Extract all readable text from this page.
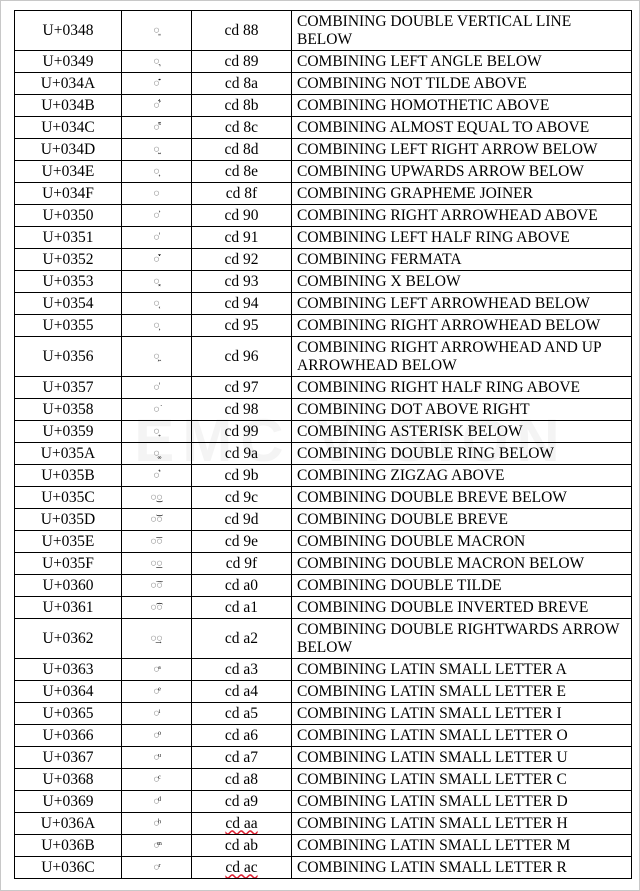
U+0348	◌͈	cd 88	COMBINING DOUBLE VERTICAL LINE BELOW
U+0349	◌͉	cd 89	COMBINING LEFT ANGLE BELOW
U+034A	◌͊	cd 8a	COMBINING NOT TILDE ABOVE
U+034B	◌͋	cd 8b	COMBINING HOMOTHETIC ABOVE
U+034C	◌͌	cd 8c	COMBINING ALMOST EQUAL TO ABOVE
U+034D	◌͍	cd 8d	COMBINING LEFT RIGHT ARROW BELOW
U+034E	◌͎	cd 8e	COMBINING UPWARDS ARROW BELOW
U+034F	◌	cd 8f	COMBINING GRAPHEME JOINER
U+0350	◌͐	cd 90	COMBINING RIGHT ARROWHEAD ABOVE
U+0351	◌͑	cd 91	COMBINING LEFT HALF RING ABOVE
U+0352	◌͒	cd 92	COMBINING FERMATA
U+0353	◌͓	cd 93	COMBINING X BELOW
U+0354	◌͔	cd 94	COMBINING LEFT ARROWHEAD BELOW
U+0355	◌͕	cd 95	COMBINING RIGHT ARROWHEAD BELOW
U+0356	◌͖	cd 96	COMBINING RIGHT ARROWHEAD AND UP ARROWHEAD BELOW
U+0357	◌͗	cd 97	COMBINING RIGHT HALF RING ABOVE
U+0358	◌͘	cd 98	COMBINING DOT ABOVE RIGHT
U+0359	◌͙	cd 99	COMBINING ASTERISK BELOW
U+035A	◌͚	cd 9a	COMBINING DOUBLE RING BELOW
U+035B	◌͛	cd 9b	COMBINING ZIGZAG ABOVE
U+035C	◌͜◌	cd 9c	COMBINING DOUBLE BREVE BELOW
U+035D	◌͝◌	cd 9d	COMBINING DOUBLE BREVE
U+035E	◌͞◌	cd 9e	COMBINING DOUBLE MACRON
U+035F	◌͟◌	cd 9f	COMBINING DOUBLE MACRON BELOW
U+0360	◌͠◌	cd a0	COMBINING DOUBLE TILDE
U+0361	◌͡◌	cd a1	COMBINING DOUBLE INVERTED BREVE
U+0362	◌͢◌	cd a2	COMBINING DOUBLE RIGHTWARDS ARROW BELOW
U+0363	◌ͣ	cd a3	COMBINING LATIN SMALL LETTER A
U+0364	◌ͤ	cd a4	COMBINING LATIN SMALL LETTER E
U+0365	◌ͥ	cd a5	COMBINING LATIN SMALL LETTER I
U+0366	◌ͦ	cd a6	COMBINING LATIN SMALL LETTER O
U+0367	◌ͧ	cd a7	COMBINING LATIN SMALL LETTER U
U+0368	◌ͨ	cd a8	COMBINING LATIN SMALL LETTER C
U+0369	◌ͩ	cd a9	COMBINING LATIN SMALL LETTER D
U+036A	◌ͪ	cd aa	COMBINING LATIN SMALL LETTER H
U+036B	◌ͫ	cd ab	COMBINING LATIN SMALL LETTER M
U+036C	◌ͬ	cd ac	COMBINING LATIN SMALL LETTER R
